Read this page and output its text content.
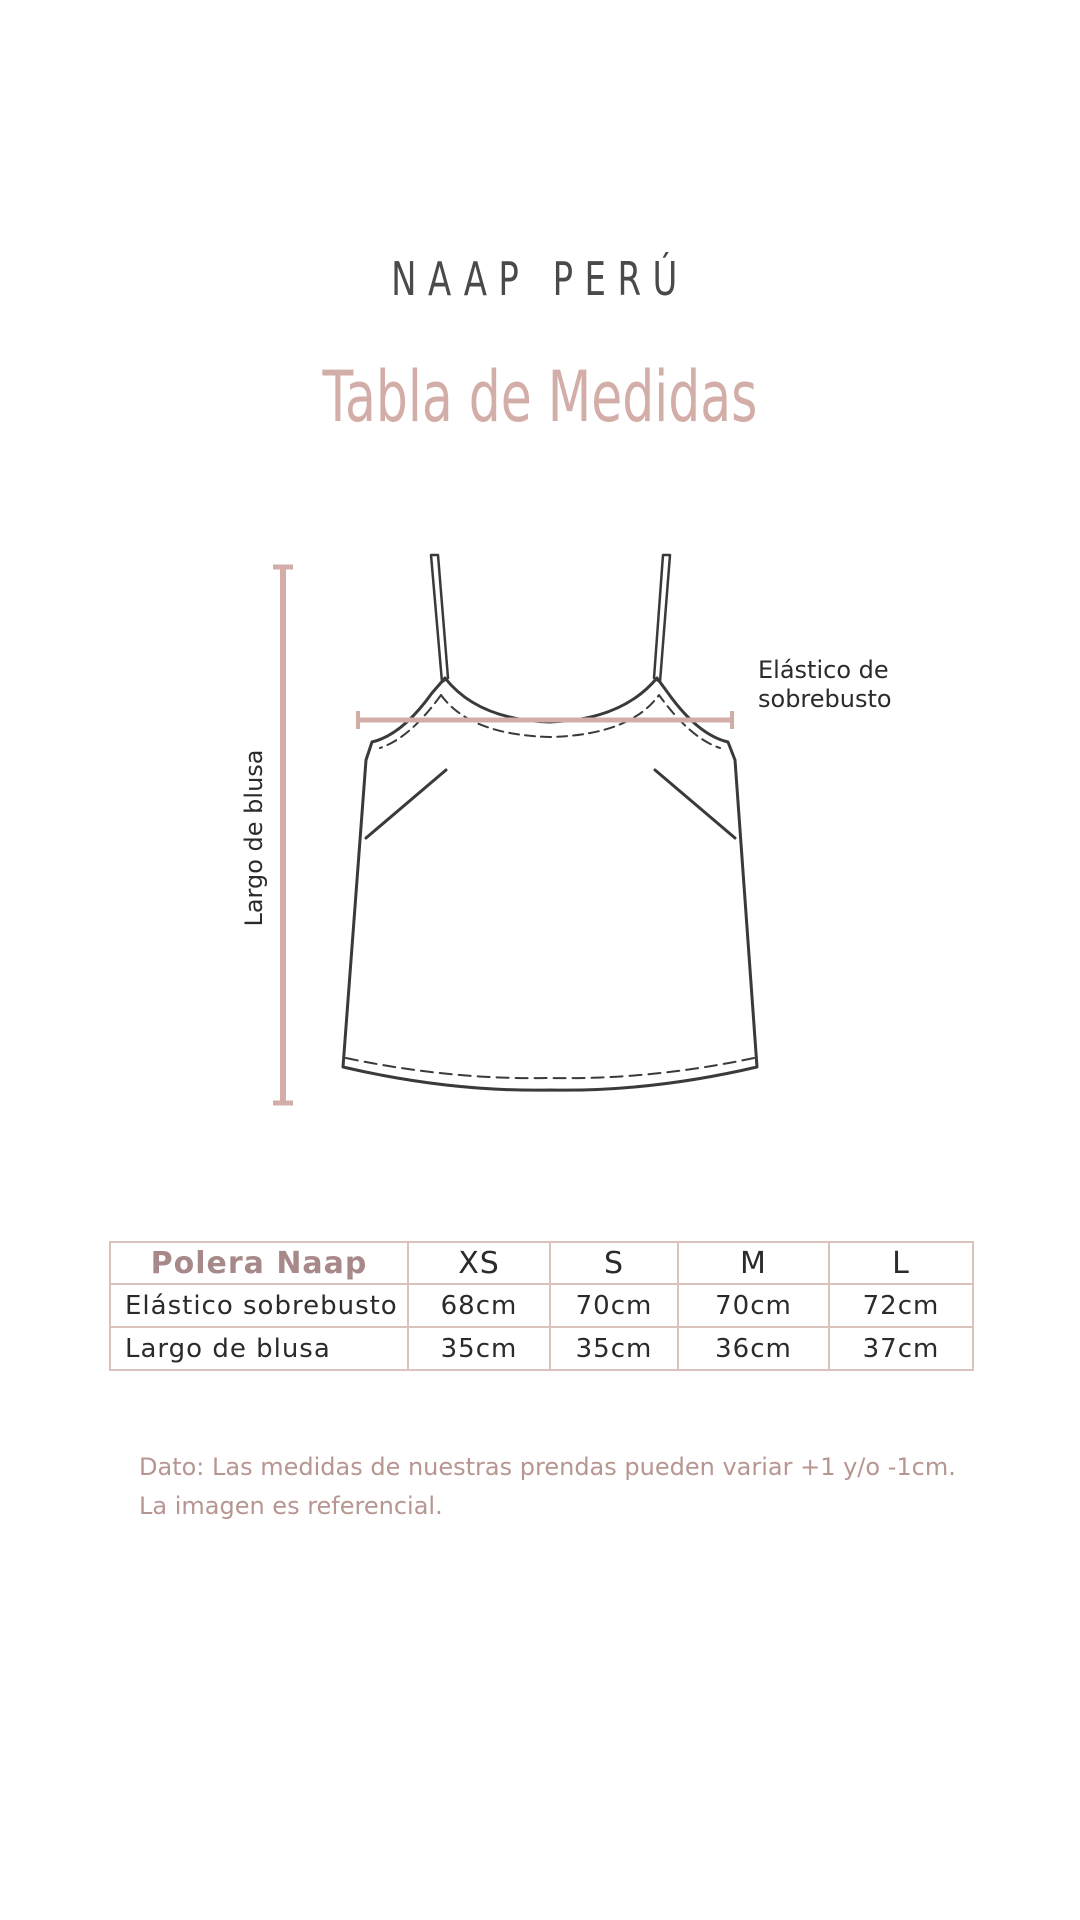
NAAP PERÚ
Tabla de Medidas
Largo de blusa
Elástico de
sobrebusto
Polera Naap	XS	S	M	L
Elástico sobrebusto	68cm	70cm	70cm	72cm
Largo de blusa	35cm	35cm	36cm	37cm
Dato: Las medidas de nuestras prendas pueden variar +1 y/o -1cm.
La imagen es referencial.
